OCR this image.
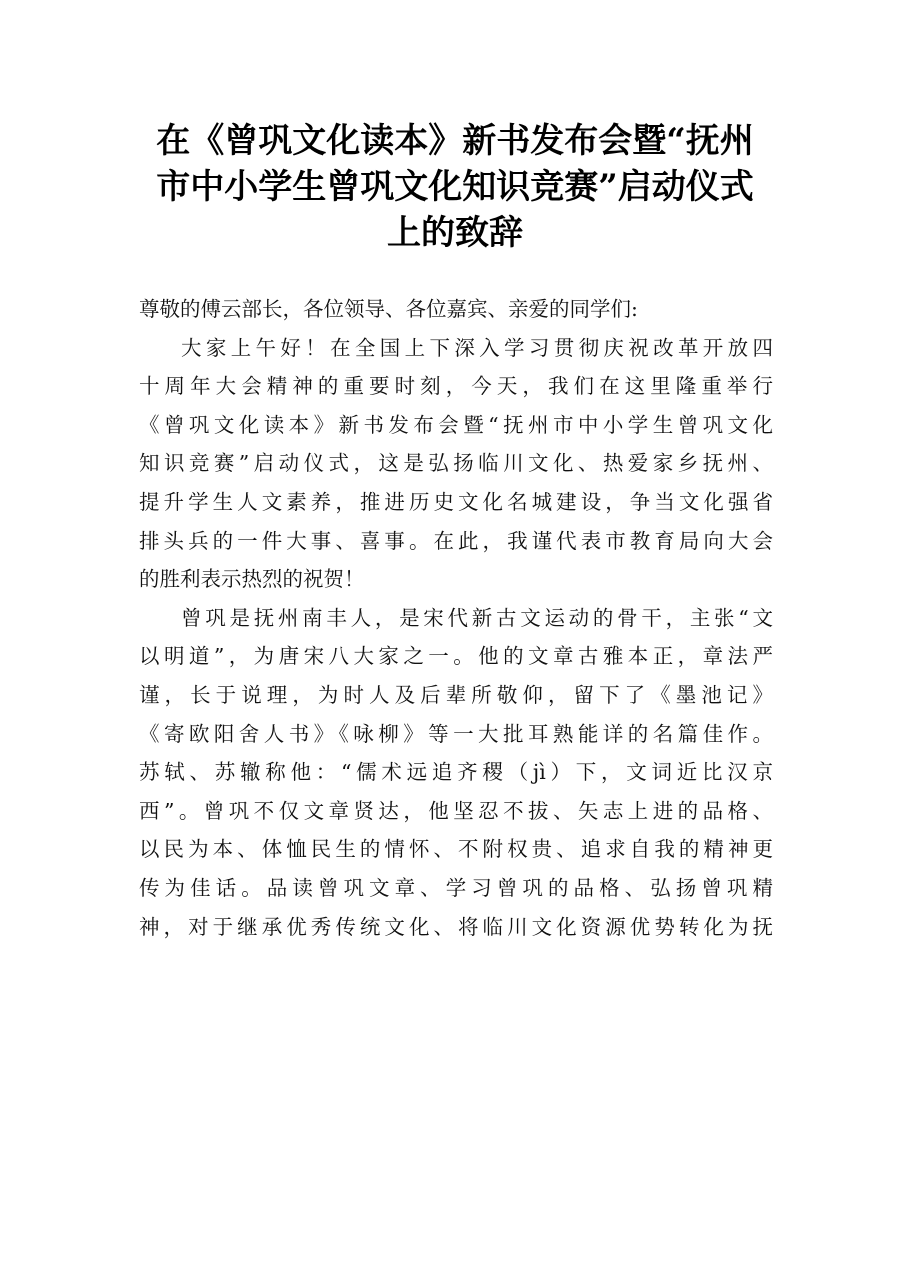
在《曾巩文化读本》新书发布会暨“抚州
市中小学生曾巩文化知识竞赛”启动仪式
上的致辞
尊敬的傅云部长，各位领导、各位嘉宾、亲爱的同学们:
大家上午好！在全国上下深入学习贯彻庆祝改革开放四
十周年大会精神的重要时刻，今天，我们在这里隆重举行
《曾巩文化读本》新书发布会暨“抚州市中小学生曾巩文化
知识竞赛”启动仪式，这是弘扬临川文化、热爱家乡抚州、
提升学生人文素养，推进历史文化名城建设，争当文化强省
排头兵的一件大事、喜事。在此，我谨代表市教育局向大会
的胜利表示热烈的祝贺！
曾巩是抚州南丰人，是宋代新古文运动的骨干，主张“文
以明道”，为唐宋八大家之一。他的文章古雅本正，章法严
谨，长于说理，为时人及后辈所敬仰，留下了《墨池记》
《寄欧阳舍人书》《咏柳》等一大批耳熟能详的名篇佳作。
苏轼、苏辙称他：“儒术远追齐稷（jì）下，文词近比汉京
西”。曾巩不仅文章贤达，他坚忍不拔、矢志上进的品格、
以民为本、体恤民生的情怀、不附权贵、追求自我的精神更
传为佳话。品读曾巩文章、学习曾巩的品格、弘扬曾巩精
神，对于继承优秀传统文化、将临川文化资源优势转化为抚
